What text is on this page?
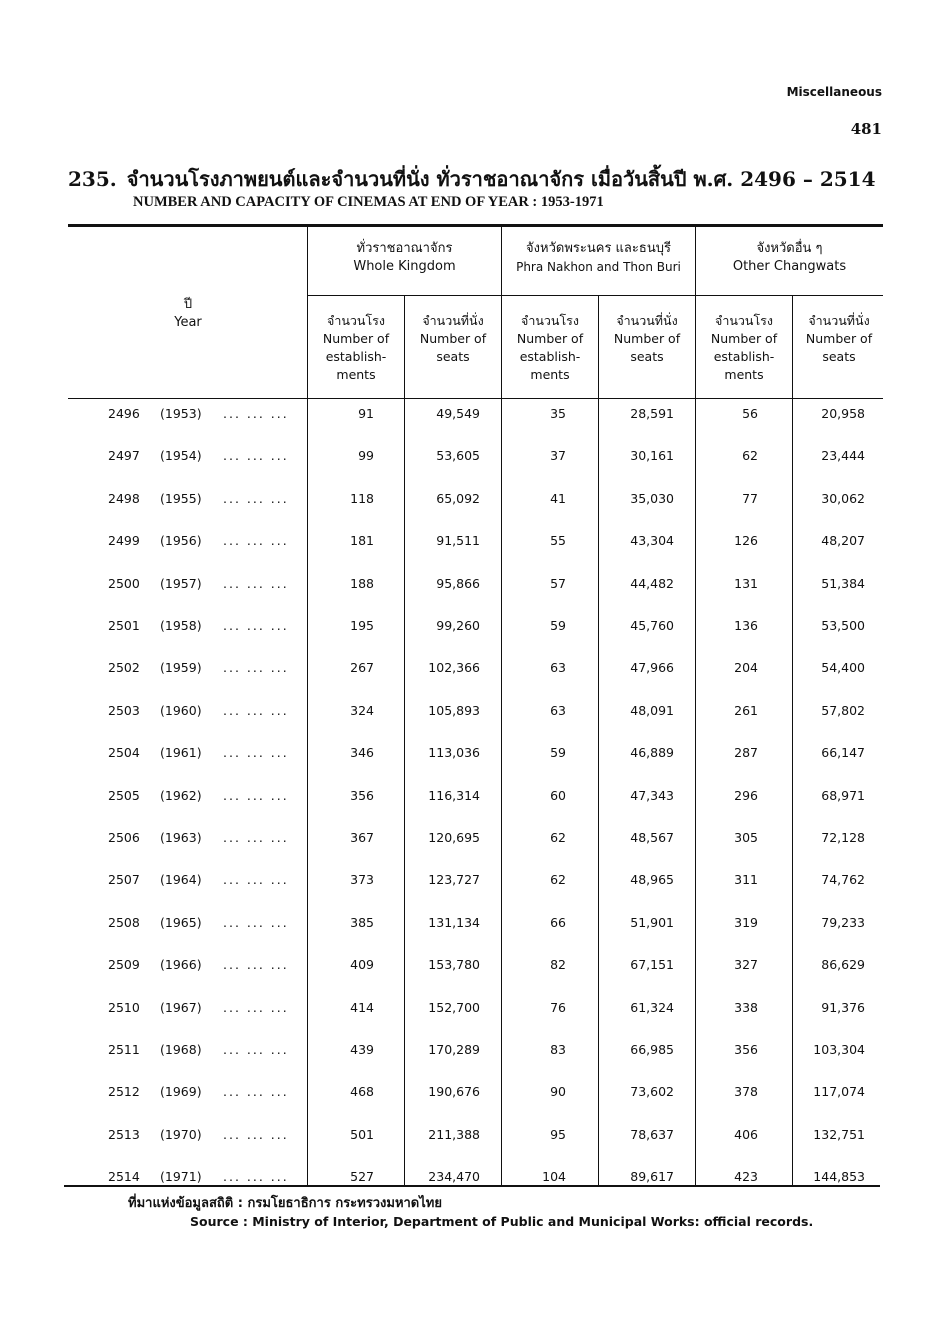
Miscellaneous
481
235. จำนวนโรงภาพยนต์และจำนวนที่นั่ง ทั่วราชอาณาจักร เมื่อวันสิ้นปี พ.ศ. 2496 – 2514
NUMBER AND CAPACITY OF CINEMAS AT END OF YEAR : 1953-1971
ปี
Year
ทั่วราชอาณาจักร
Whole Kingdom
จังหวัดพระนคร และธนบุรี
Phra Nakhon and Thon Buri
จังหวัดอื่น ๆ
Other Changwats
จำนวนโรง
Number of establish-ments
จำนวนที่นั่ง
Number of seats
จำนวนโรง
Number of establish-ments
จำนวนที่นั่ง
Number of seats
จำนวนโรง
Number of establish-ments
จำนวนที่นั่ง
Number of seats
2496 (1953) ... ... ...	91	49,549	35	28,591	56	20,958
2497 (1954) ... ... ...	99	53,605	37	30,161	62	23,444
2498 (1955) ... ... ...	118	65,092	41	35,030	77	30,062
2499 (1956) ... ... ...	181	91,511	55	43,304	126	48,207
2500 (1957) ... ... ...	188	95,866	57	44,482	131	51,384
2501 (1958) ... ... ...	195	99,260	59	45,760	136	53,500
2502 (1959) ... ... ...	267	102,366	63	47,966	204	54,400
2503 (1960) ... ... ...	324	105,893	63	48,091	261	57,802
2504 (1961) ... ... ...	346	113,036	59	46,889	287	66,147
2505 (1962) ... ... ...	356	116,314	60	47,343	296	68,971
2506 (1963) ... ... ...	367	120,695	62	48,567	305	72,128
2507 (1964) ... ... ...	373	123,727	62	48,965	311	74,762
2508 (1965) ... ... ...	385	131,134	66	51,901	319	79,233
2509 (1966) ... ... ...	409	153,780	82	67,151	327	86,629
2510 (1967) ... ... ...	414	152,700	76	61,324	338	91,376
2511 (1968) ... ... ...	439	170,289	83	66,985	356	103,304
2512 (1969) ... ... ...	468	190,676	90	73,602	378	117,074
2513 (1970) ... ... ...	501	211,388	95	78,637	406	132,751
2514 (1971) ... ... ...	527	234,470	104	89,617	423	144,853
ที่มาแห่งข้อมูลสถิติ : กรมโยธาธิการ กระทรวงมหาดไทย
Source : Ministry of Interior, Department of Public and Municipal Works: official records.
